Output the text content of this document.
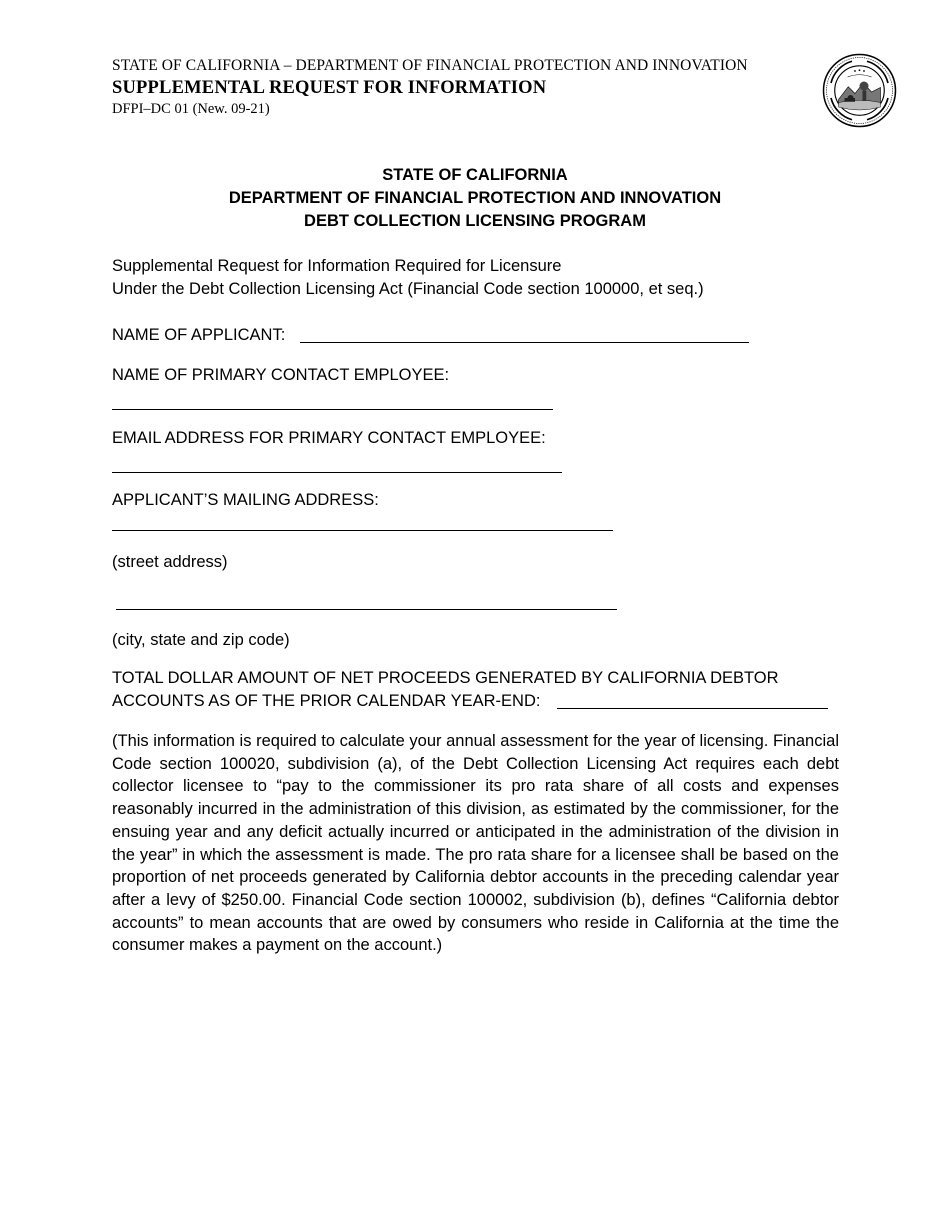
STATE OF CALIFORNIA – DEPARTMENT OF FINANCIAL PROTECTION AND INNOVATION
SUPPLEMENTAL REQUEST FOR INFORMATION
DFPI–DC 01 (New. 09-21)
STATE OF CALIFORNIA
DEPARTMENT OF FINANCIAL PROTECTION AND INNOVATION
DEBT COLLECTION LICENSING PROGRAM
Supplemental Request for Information Required for Licensure
Under the Debt Collection Licensing Act (Financial Code section 100000, et seq.)
NAME OF APPLICANT:
NAME OF PRIMARY CONTACT EMPLOYEE:
EMAIL ADDRESS FOR PRIMARY CONTACT EMPLOYEE:
APPLICANT’S MAILING ADDRESS:
(street address)
(city, state and zip code)
TOTAL DOLLAR AMOUNT OF NET PROCEEDS GENERATED BY CALIFORNIA DEBTOR
ACCOUNTS AS OF THE PRIOR CALENDAR YEAR-END:
(This information is required to calculate your annual assessment for the year of licensing. Financial Code section 100020, subdivision (a), of the Debt Collection Licensing Act requires each debt collector licensee to “pay to the commissioner its pro rata share of all costs and expenses reasonably incurred in the administration of this division, as estimated by the commissioner, for the ensuing year and any deficit actually incurred or anticipated in the administration of the division in the year” in which the assessment is made. The pro rata share for a licensee shall be based on the proportion of net proceeds generated by California debtor accounts in the preceding calendar year after a levy of $250.00. Financial Code section 100002, subdivision (b), defines “California debtor accounts” to mean accounts that are owed by consumers who reside in California at the time the consumer makes a payment on the account.)
